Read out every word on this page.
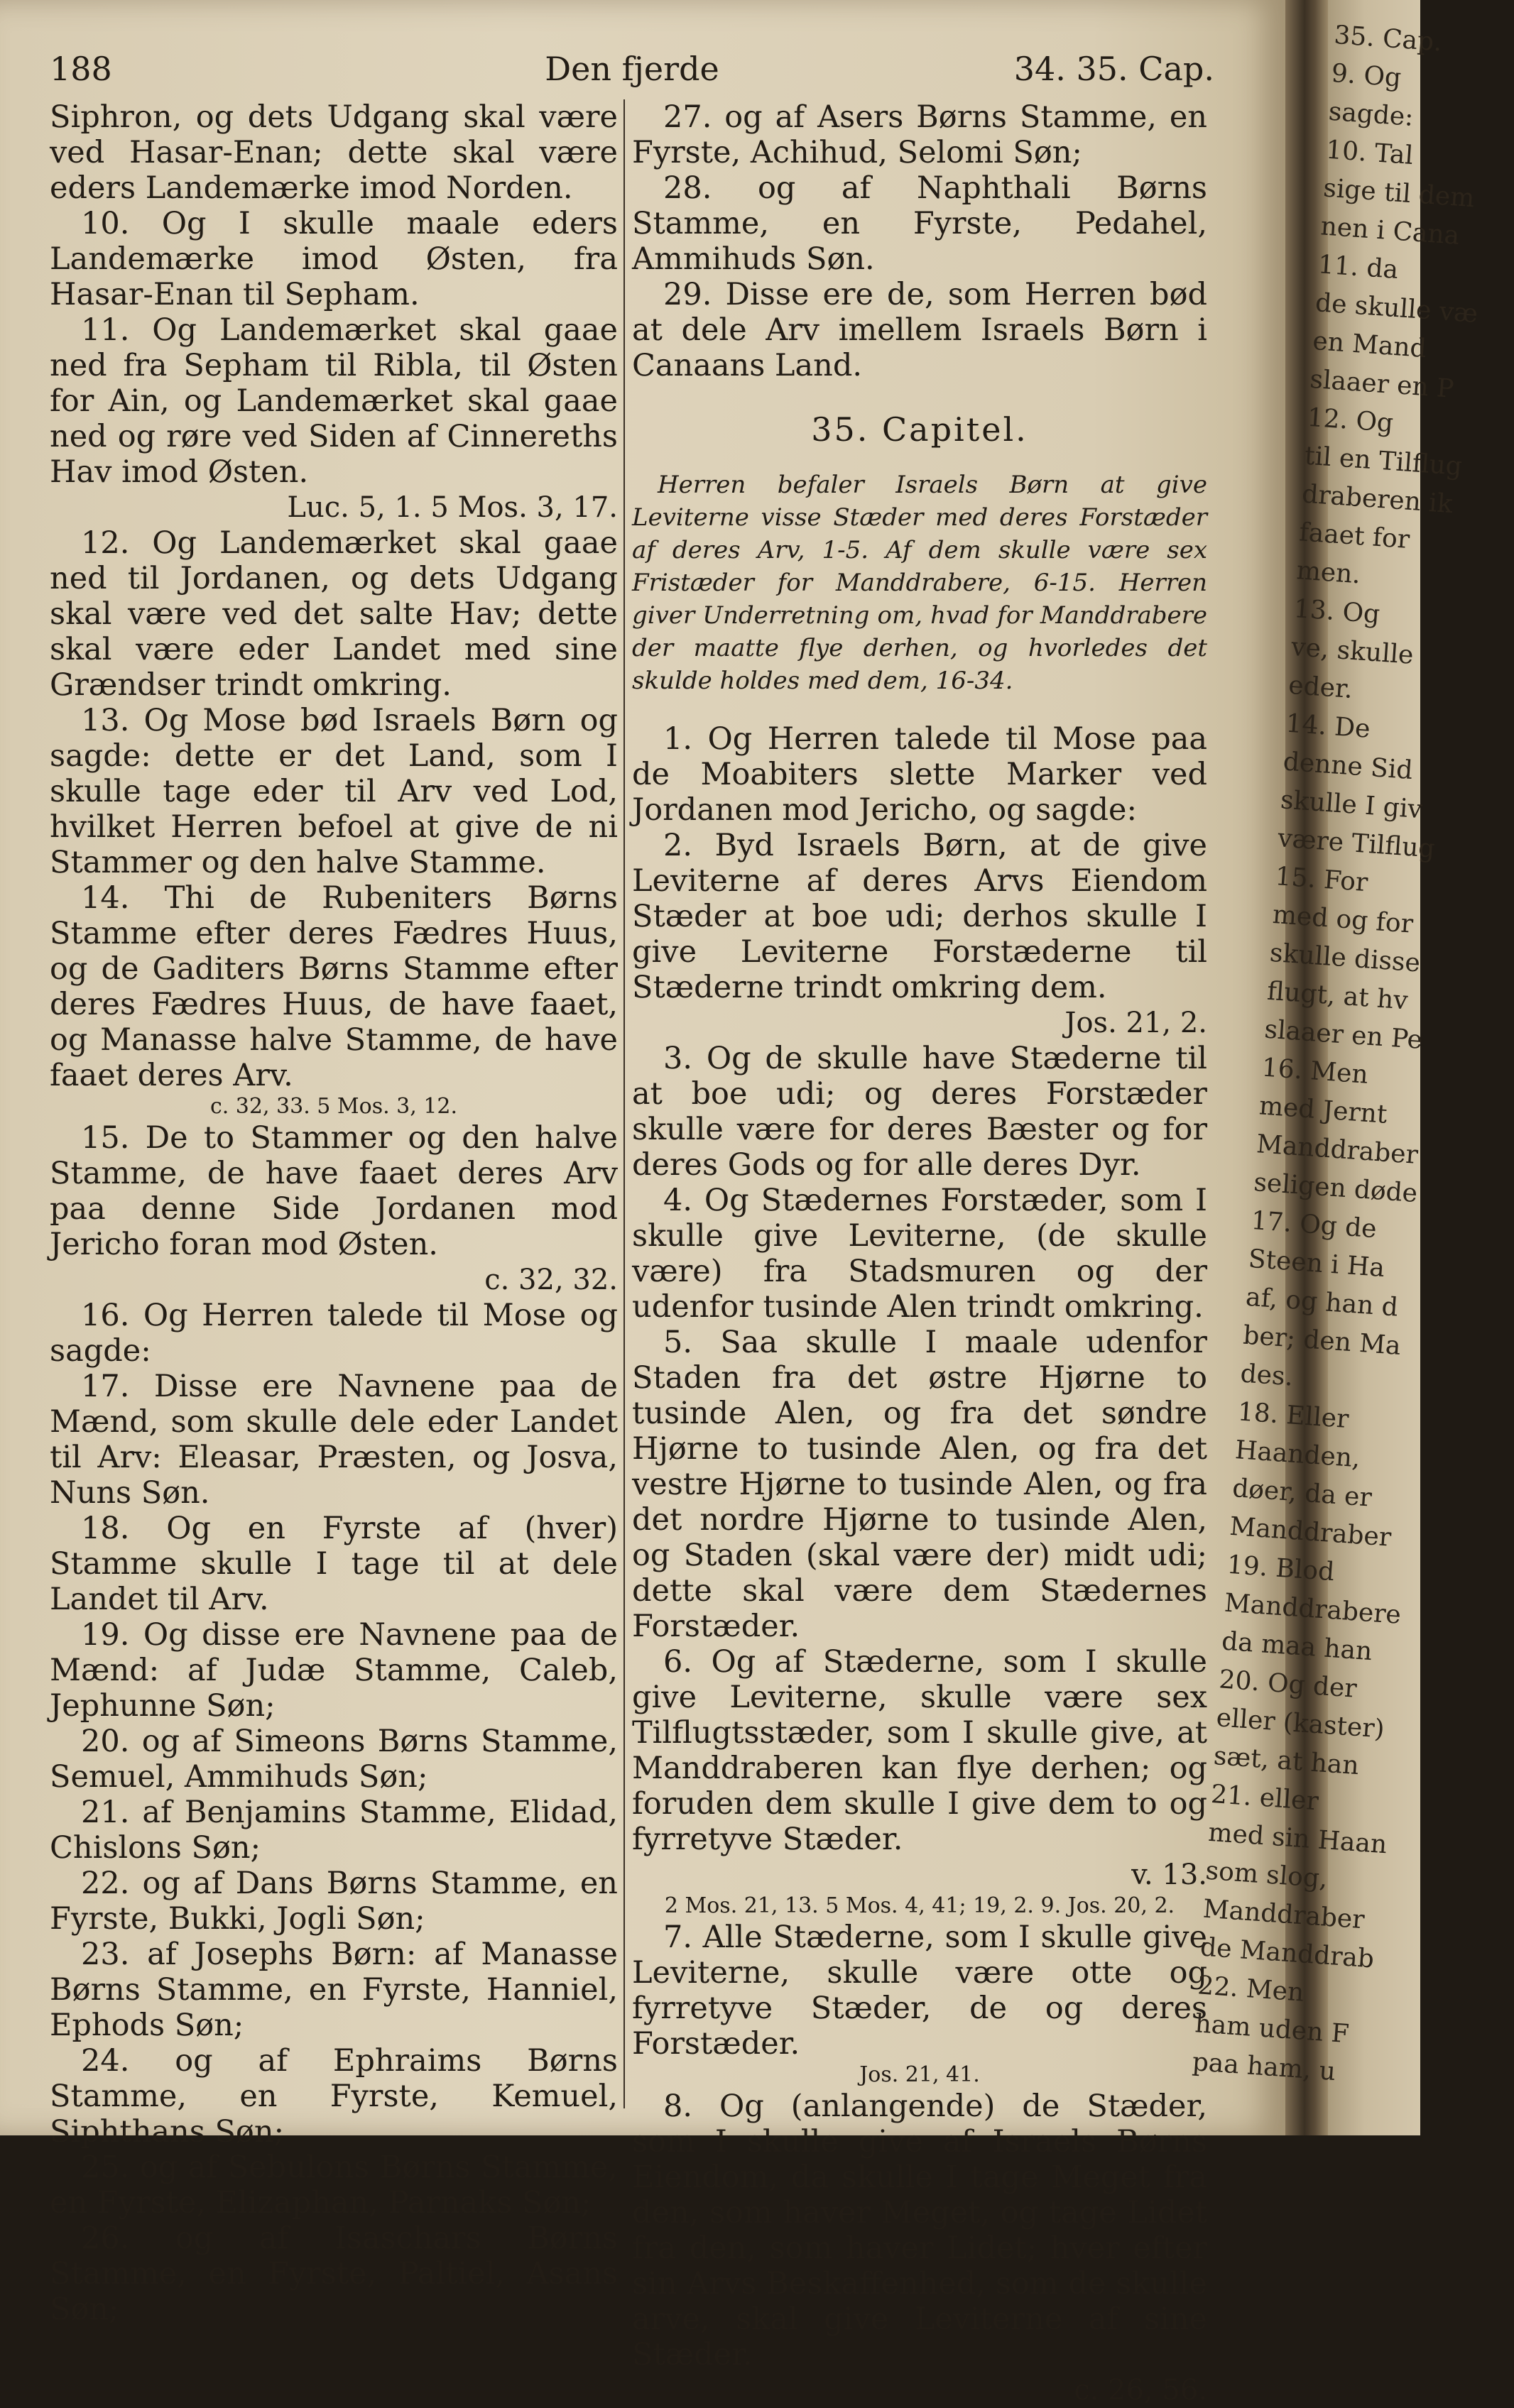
188	Den fjerde	34. 35. Cap.

Siphron, og dets Udgang skal være ved Hasar-Enan; dette skal være eders Landemærke imod Norden.

10. Og I skulle maale eders Landemærke imod Østen, fra Hasar-Enan til Sepham.

11. Og Landemærket skal gaae ned fra Sepham til Ribla, til Østen for Ain, og Landemærket skal gaae ned og røre ved Siden af Cinnereths Hav imod Østen.

Luc. 5, 1. 5 Mos. 3, 17.

12. Og Landemærket skal gaae ned til Jordanen, og dets Udgang skal være ved det salte Hav; dette skal være eder Landet med sine Grændser trindt omkring.

13. Og Mose bød Israels Børn og sagde: dette er det Land, som I skulle tage eder til Arv ved Lod, hvilket Herren befoel at give de ni Stammer og den halve Stamme.

14. Thi de Rubeniters Børns Stamme efter deres Fædres Huus, og de Gaditers Børns Stamme efter deres Fædres Huus, de have faaet, og Manasse halve Stamme, de have faaet deres Arv.

c. 32, 33. 5 Mos. 3, 12.

15. De to Stammer og den halve Stamme, de have faaet deres Arv paa denne Side Jordanen mod Jericho foran mod Østen.

c. 32, 32.

16. Og Herren talede til Mose og sagde:

17. Disse ere Navnene paa de Mænd, som skulle dele eder Landet til Arv: Eleasar, Præsten, og Josva, Nuns Søn.

18. Og en Fyrste af (hver) Stamme skulle I tage til at dele Landet til Arv.

19. Og disse ere Navnene paa de Mænd: af Judæ Stamme, Caleb, Jephunne Søn;

20. og af Simeons Børns Stamme, Semuel, Ammihuds Søn;

21. af Benjamins Stamme, Elidad, Chislons Søn;

22. og af Dans Børns Stamme, en Fyrste, Bukki, Jogli Søn;

23. af Josephs Børn: af Manasse Børns Stamme, en Fyrste, Hanniel, Ephods Søn;

24. og af Ephraims Børns Stamme, en Fyrste, Kemuel, Siphthans Søn;

25. og af Sebulons Børns Stamme, en Fyrste, Elizaphan, Parnaks Søn;

26. og af Isaschars Børns Stamme, en Fyrste, Paltiel, Asans Søn;

27. og af Asers Børns Stamme, en Fyrste, Achihud, Selomi Søn;

28. og af Naphthali Børns Stamme, en Fyrste, Pedahel, Ammihuds Søn.

29. Disse ere de, som Herren bød at dele Arv imellem Israels Børn i Canaans Land.

35. Capitel.

Herren befaler Israels Børn at give Leviterne visse Stæder med deres Forstæder af deres Arv, 1-5. Af dem skulle være sex Fristæder for Manddrabere, 6-15. Herren giver Underretning om, hvad for Manddrabere der maatte flye derhen, og hvorledes det skulde holdes med dem, 16-34.

1. Og Herren talede til Mose paa de Moabiters slette Marker ved Jordanen mod Jericho, og sagde:

2. Byd Israels Børn, at de give Leviterne af deres Arvs Eiendom Stæder at boe udi; derhos skulle I give Leviterne Forstæderne til Stæderne trindt omkring dem.

Jos. 21, 2.

3. Og de skulle have Stæderne til at boe udi; og deres Forstæder skulle være for deres Bæster og for deres Gods og for alle deres Dyr.

4. Og Stædernes Forstæder, som I skulle give Leviterne, (de skulle være) fra Stadsmuren og der udenfor tusinde Alen trindt omkring.

5. Saa skulle I maale udenfor Staden fra det østre Hjørne to tusinde Alen, og fra det søndre Hjørne to tusinde Alen, og fra det vestre Hjørne to tusinde Alen, og fra det nordre Hjørne to tusinde Alen, og Staden (skal være der) midt udi; dette skal være dem Stædernes Forstæder.

6. Og af Stæderne, som I skulle give Leviterne, skulle være sex Tilflugtsstæder, som I skulle give, at Manddraberen kan flye derhen; og foruden dem skulle I give dem to og fyrretyve Stæder.

v. 13.

2 Mos. 21, 13. 5 Mos. 4, 41; 19, 2. 9. Jos. 20, 2.

7. Alle Stæderne, som I skulle give Leviterne, skulle være otte og fyrretyve Stæder, de og deres Forstæder.

Jos. 21, 41.

8. Og (anlangende) de Stæder, som I skulle give af Israels Børns Eiendom, da skulle I tage Meget fra den, som haver Meget, og tage Lidet fra den, som haver Lidet; hver efter sin Arvs Beskaffenhed, som de skulle arve, skal give Leviterne af sine Stæder.

c. 26, 56.

35. Cap.
9. Og
sagde:
10. Tal
sige til dem
nen i Cana
11. da
de skulle væ
en Mand
slaaer en P
12. Og
til en Tilflug
draberen ik
faaet for
men.
13. Og
ve, skulle
eder.
14. De
denne Sid
skulle I giv
være Tilflug
15. For
med og for
skulle disse
flugt, at hv
slaaer en Pe
16. Men
med Jernt
Manddraber
seligen døde
17. Og de
Steen i Ha
af, og han d
ber; den Ma
des.
18. Eller
Haanden,
døer, da er
Manddraber
19. Blod
Manddrabere
da maa han
20. Og der
eller (kaster)
sæt, at han
21. eller
med sin Haan
som slog,
Manddraber
de Manddrab
22. Men
ham uden F
paa ham, u
